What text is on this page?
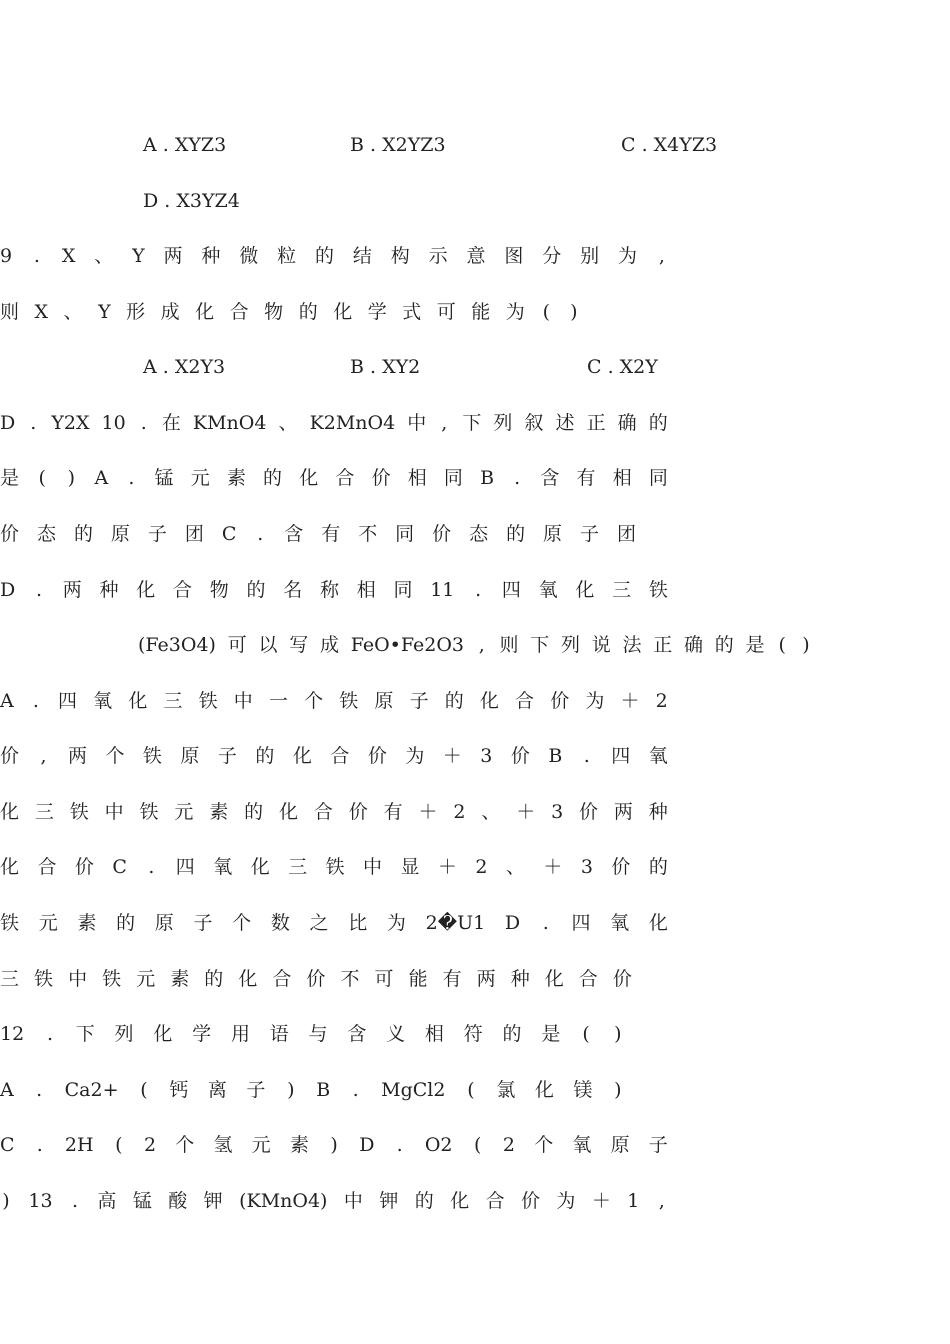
A . XYZ3

	B . X2YZ3

	C . X4YZ3

D . X3YZ4

9 . X 、 Y 两 种 微 粒 的 结 构 示 意 图 分 别 为 ,
则 X 、 Y 形 成 化 合 物 的 化 学 式 可 能 为 ( )

A . X2Y3

	B . XY2

	C . X2Y

D . Y2X 10 . 在 KMnO4 、 K2MnO4 中 , 下 列 叙 述 正 确 的
是 ( ) A . 锰 元 素 的 化 合 价 相 同 B . 含 有 相 同
价 态 的 原 子 团 C . 含 有 不 同 价 态 的 原 子 团
D . 两 种 化 合 物 的 名 称 相 同 11 . 四 氧 化 三 铁
(Fe3O4) 可 以 写 成 FeO•Fe2O3 , 则 下 列 说 法 正 确 的 是 ( )
A . 四 氧 化 三 铁 中 一 个 铁 原 子 的 化 合 价 为 ＋ 2
价 , 两 个 铁 原 子 的 化 合 价 为 ＋ 3 价 B . 四 氧
化 三 铁 中 铁 元 素 的 化 合 价 有 ＋ 2 、 ＋ 3 价 两 种
化 合 价 C . 四 氧 化 三 铁 中 显 ＋ 2 、 ＋ 3 价 的
铁 元 素 的 原 子 个 数 之 比 为 2�U1 D . 四 氧 化
三 铁 中 铁 元 素 的 化 合 价 不 可 能 有 两 种 化 合 价
12 . 下 列 化 学 用 语 与 含 义 相 符 的 是 ( )
A . Ca2+ ( 钙 离 子 ) B . MgCl2 ( 氯 化 镁 )
C . 2H ( 2 个 氢 元 素 ) D . O2 ( 2 个 氧 原 子
) 13 . 高 锰 酸 钾 (KMnO4) 中 钾 的 化 合 价 为 ＋ 1 ,
